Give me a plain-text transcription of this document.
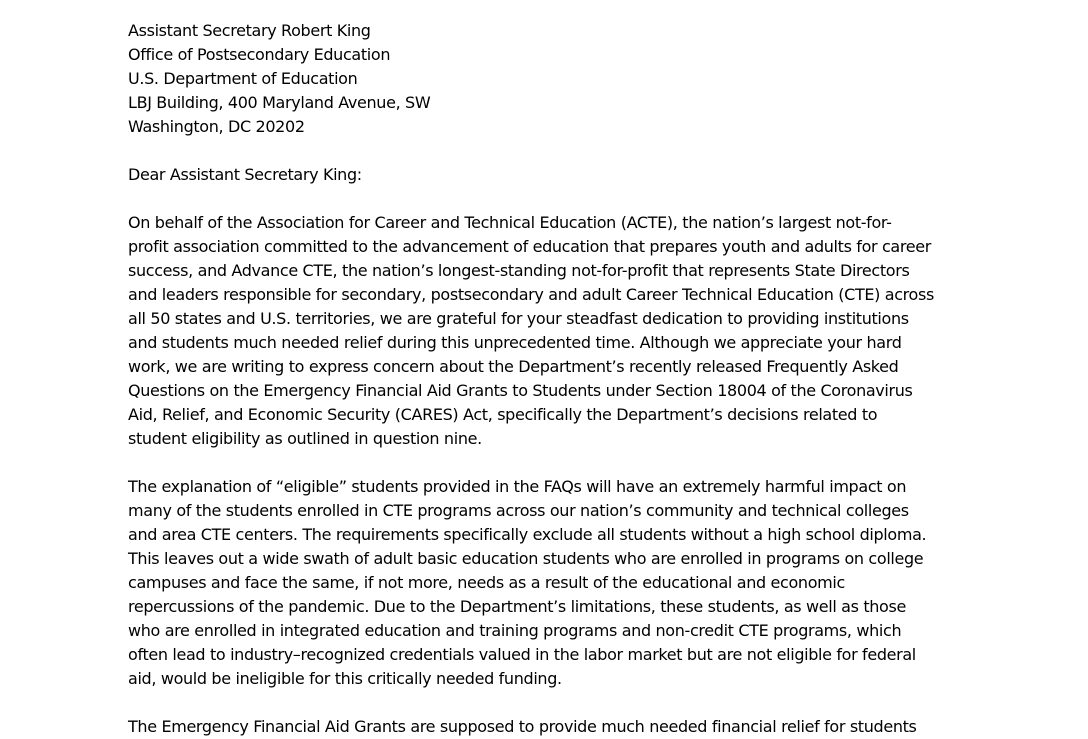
Assistant Secretary Robert King
Office of Postsecondary Education
U.S. Department of Education
LBJ Building, 400 Maryland Avenue, SW
Washington, DC 20202
Dear Assistant Secretary King:
On behalf of the Association for Career and Technical Education (ACTE), the nation’s largest not-for-
profit association committed to the advancement of education that prepares youth and adults for career
success, and Advance CTE, the nation’s longest-standing not-for-profit that represents State Directors
and leaders responsible for secondary, postsecondary and adult Career Technical Education (CTE) across
all 50 states and U.S. territories, we are grateful for your steadfast dedication to providing institutions
and students much needed relief during this unprecedented time. Although we appreciate your hard
work, we are writing to express concern about the Department’s recently released Frequently Asked
Questions on the Emergency Financial Aid Grants to Students under Section 18004 of the Coronavirus
Aid, Relief, and Economic Security (CARES) Act, specifically the Department’s decisions related to
student eligibility as outlined in question nine.
The explanation of “eligible” students provided in the FAQs will have an extremely harmful impact on
many of the students enrolled in CTE programs across our nation’s community and technical colleges
and area CTE centers. The requirements specifically exclude all students without a high school diploma.
This leaves out a wide swath of adult basic education students who are enrolled in programs on college
campuses and face the same, if not more, needs as a result of the educational and economic
repercussions of the pandemic. Due to the Department’s limitations, these students, as well as those
who are enrolled in integrated education and training programs and non-credit CTE programs, which
often lead to industry–recognized credentials valued in the labor market but are not eligible for federal
aid, would be ineligible for this critically needed funding.
The Emergency Financial Aid Grants are supposed to provide much needed financial relief for students
